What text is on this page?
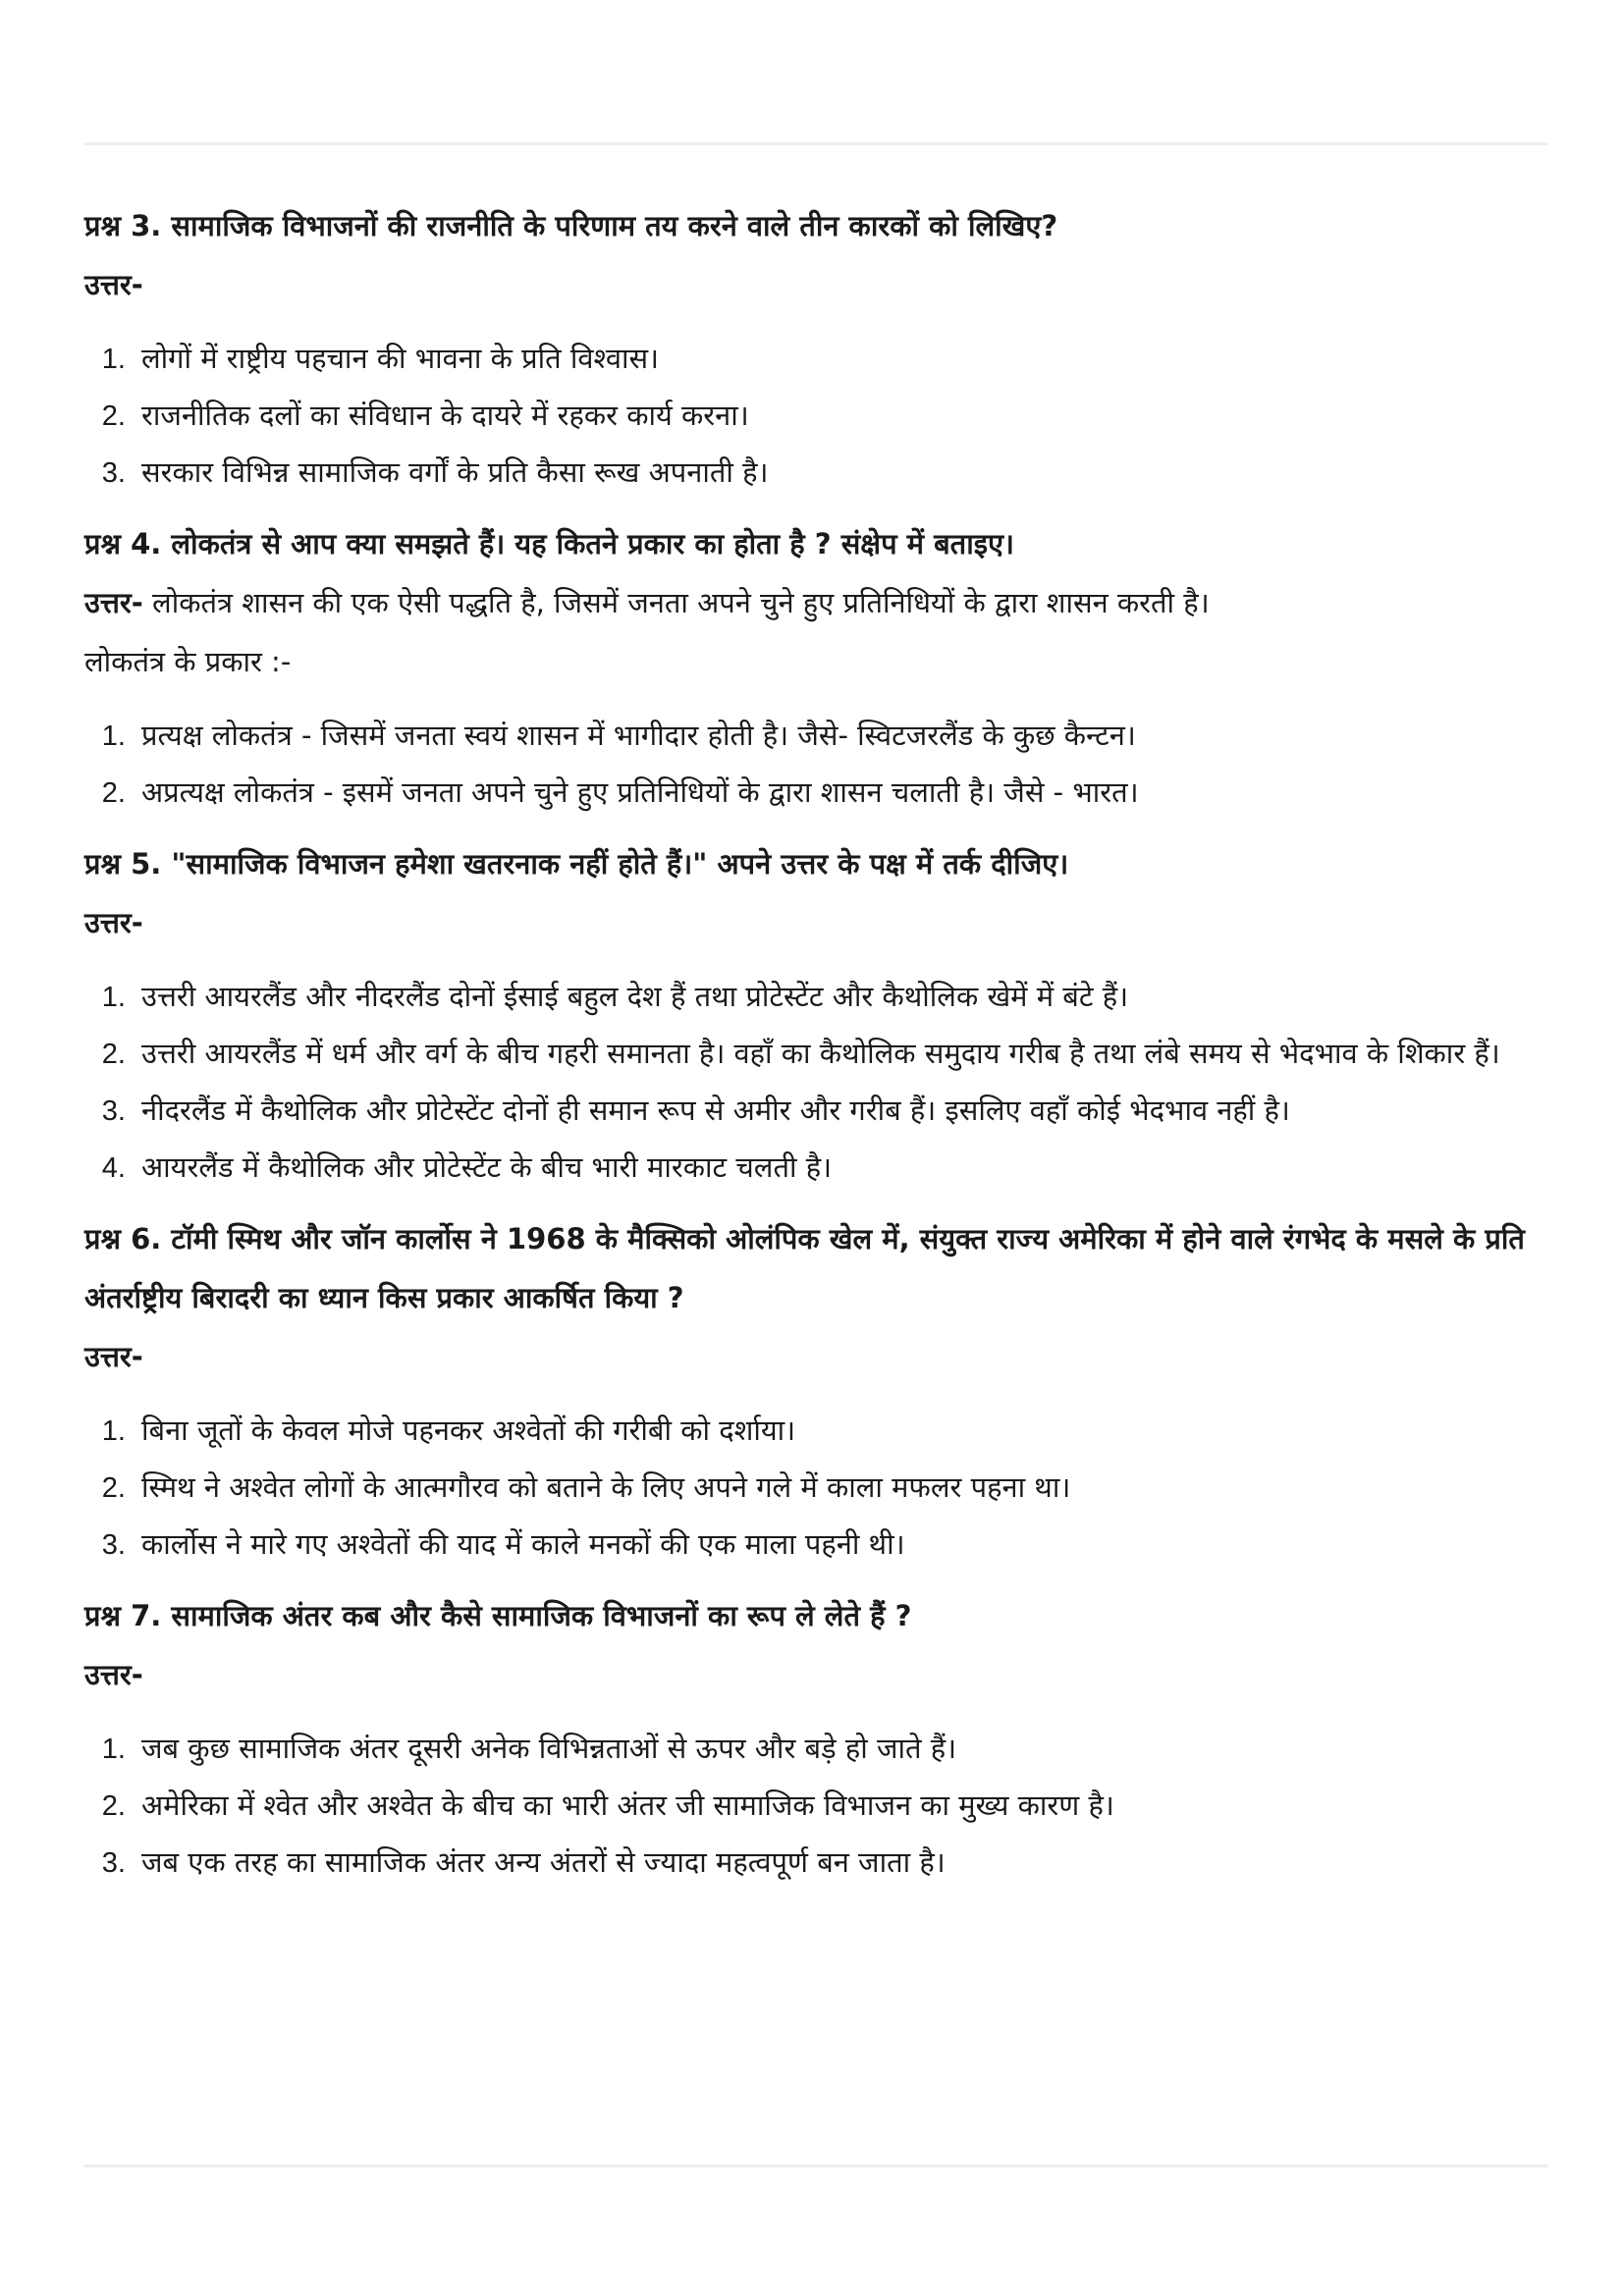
प्रश्न 3. सामाजिक विभाजनों की राजनीति के परिणाम तय करने वाले तीन कारकों को लिखिए?

उत्तर-

1. लोगों में राष्ट्रीय पहचान की भावना के प्रति विश्वास।
2. राजनीतिक दलों का संविधान के दायरे में रहकर कार्य करना।
3. सरकार विभिन्न सामाजिक वर्गों के प्रति कैसा रूख अपनाती है।

प्रश्न 4. लोकतंत्र से आप क्या समझते हैं। यह कितने प्रकार का होता है ? संक्षेप में बताइए।

उत्तर- लोकतंत्र शासन की एक ऐसी पद्धति है, जिसमें जनता अपने चुने हुए प्रतिनिधियों के द्वारा शासन करती है।

लोकतंत्र के प्रकार :-

1. प्रत्यक्ष लोकतंत्र - जिसमें जनता स्वयं शासन में भागीदार होती है। जैसे- स्विटजरलैंड के कुछ कैन्टन।
2. अप्रत्यक्ष लोकतंत्र - इसमें जनता अपने चुने हुए प्रतिनिधियों के द्वारा शासन चलाती है। जैसे - भारत।

प्रश्न 5. "सामाजिक विभाजन हमेशा खतरनाक नहीं होते हैं।" अपने उत्तर के पक्ष में तर्क दीजिए।

उत्तर-

1. उत्तरी आयरलैंड और नीदरलैंड दोनों ईसाई बहुल देश हैं तथा प्रोटेस्टेंट और कैथोलिक खेमें में बंटे हैं।
2. उत्तरी आयरलैंड में धर्म और वर्ग के बीच गहरी समानता है। वहाँ का कैथोलिक समुदाय गरीब है तथा लंबे समय से भेदभाव के शिकार हैं।
3. नीदरलैंड में कैथोलिक और प्रोटेस्टेंट दोनों ही समान रूप से अमीर और गरीब हैं। इसलिए वहाँ कोई भेदभाव नहीं है।
4. आयरलैंड में कैथोलिक और प्रोटेस्टेंट के बीच भारी मारकाट चलती है।

प्रश्न 6. टॉमी स्मिथ और जॉन कार्लोस ने 1968 के मैक्सिको ओलंपिक खेल में, संयुक्त राज्य अमेरिका में होने वाले रंगभेद के मसले के प्रति अंतर्राष्ट्रीय बिरादरी का ध्यान किस प्रकार आकर्षित किया ?

उत्तर-

1. बिना जूतों के केवल मोजे पहनकर अश्वेतों की गरीबी को दर्शाया।
2. स्मिथ ने अश्वेत लोगों के आत्मगौरव को बताने के लिए अपने गले में काला मफलर पहना था।
3. कार्लोस ने मारे गए अश्वेतों की याद में काले मनकों की एक माला पहनी थी।

प्रश्न 7. सामाजिक अंतर कब और कैसे सामाजिक विभाजनों का रूप ले लेते हैं ?

उत्तर-

1. जब कुछ सामाजिक अंतर दूसरी अनेक विभिन्नताओं से ऊपर और बड़े हो जाते हैं।
2. अमेरिका में श्वेत और अश्वेत के बीच का भारी अंतर जी सामाजिक विभाजन का मुख्य कारण है।
3. जब एक तरह का सामाजिक अंतर अन्य अंतरों से ज्यादा महत्वपूर्ण बन जाता है।
